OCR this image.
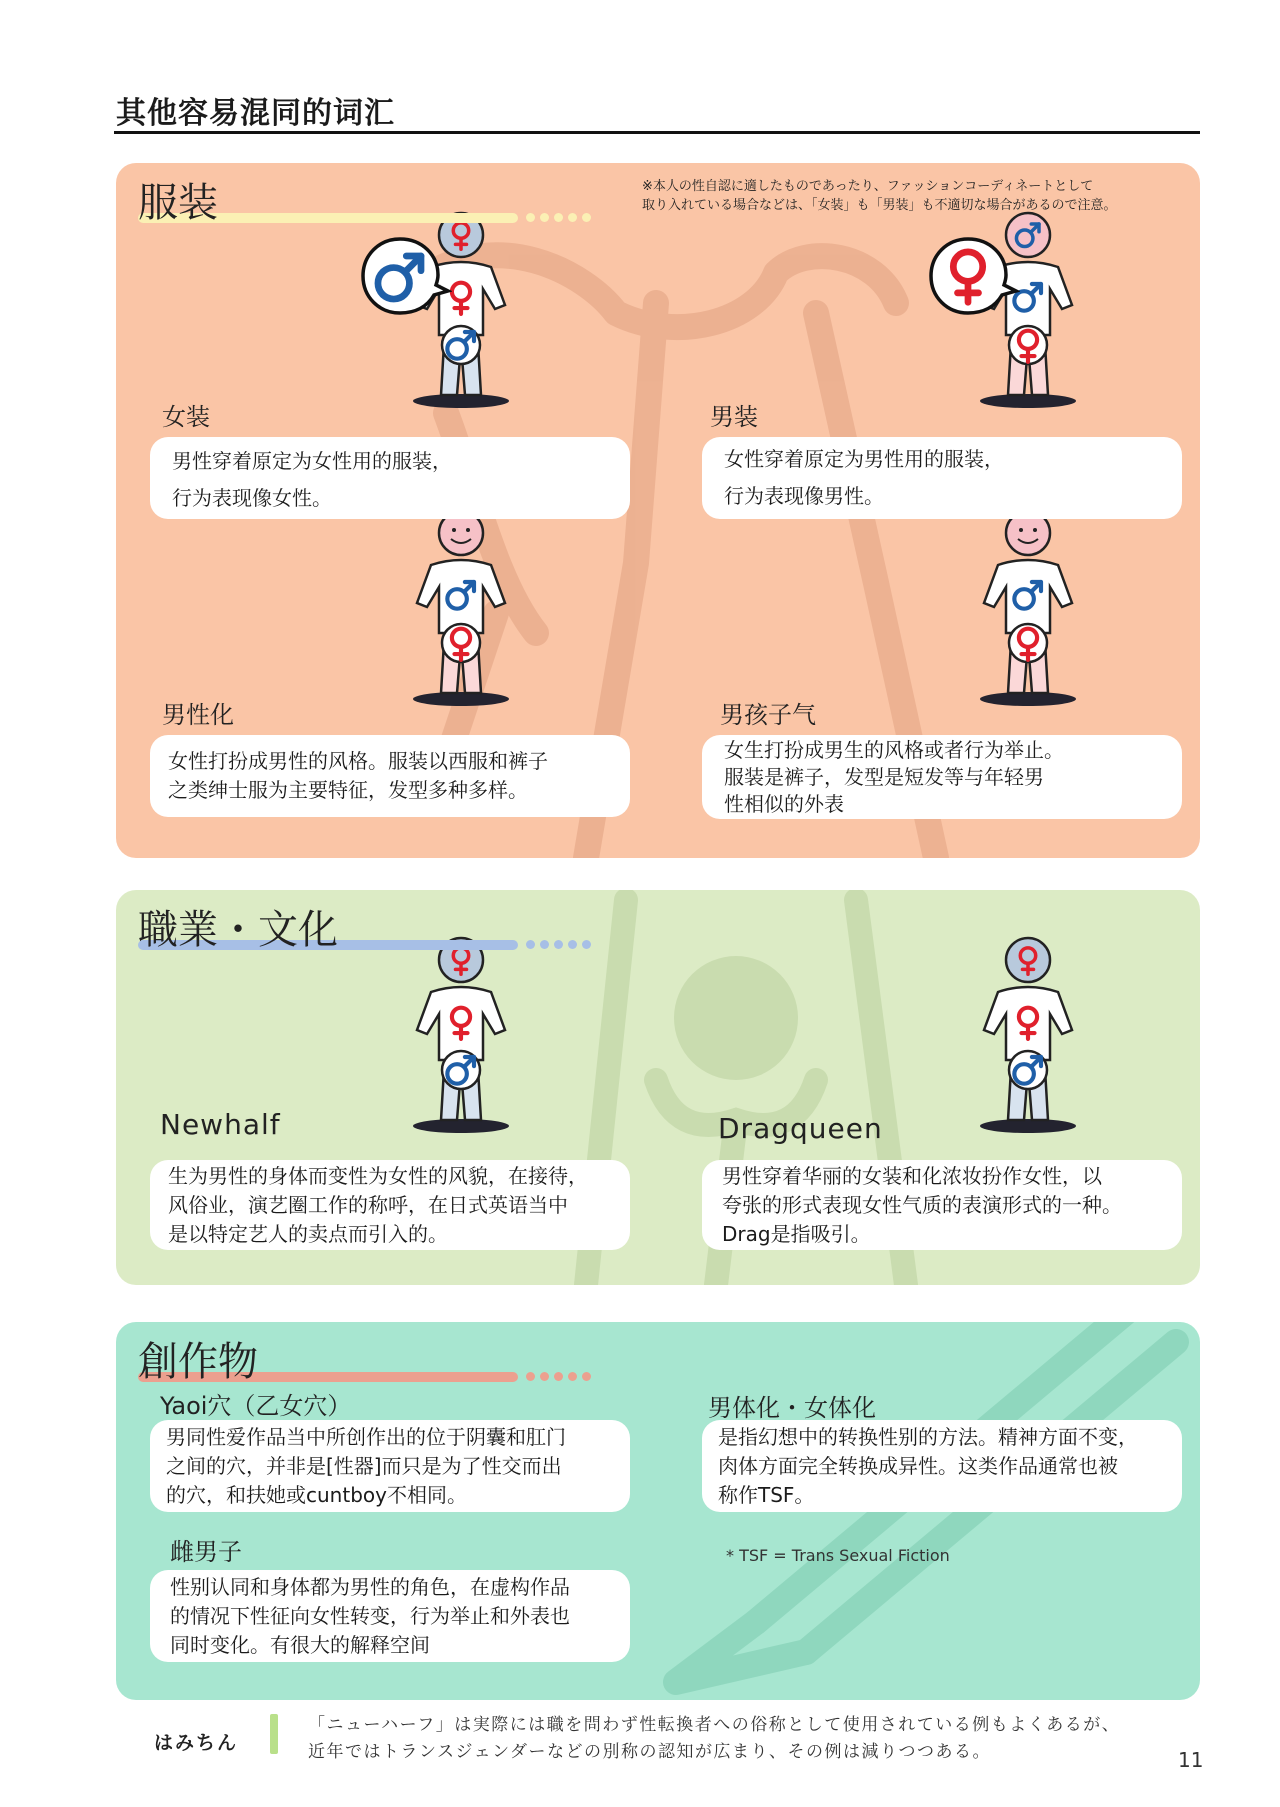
其他容易混同的词汇
服装	※本人の性自認に適したものであったり、ファッションコーディネートとして
取り入れている場合などは、「女装」も「男装」も不適切な場合があるので注意。
女装

男性穿着原定为女性用的服装，

行为表现像女性。

男装

女性穿着原定为男性用的服装，

行为表现像男性。

男性化

女性打扮成男性的风格。服装以西服和裤子

之类绅士服为主要特征，发型多种多样。

男孩子气

女生打扮成男生的风格或者行为举止。

服装是裤子，发型是短发等与年轻男

性相似的外表

職業・文化
Newhalf

生为男性的身体而变性为女性的风貌，在接待，

风俗业，演艺圈工作的称呼，在日式英语当中

是以特定艺人的卖点而引入的。

Dragqueen

男性穿着华丽的女装和化浓妆扮作女性，以

夸张的形式表现女性气质的表演形式的一种。

Drag是指吸引。

創作物
Yaoi穴（乙女穴）

男同性爱作品当中所创作出的位于阴囊和肛门

之间的穴，并非是[性器]而只是为了性交而出

的穴，和扶她或cuntboy不相同。

男体化・女体化

是指幻想中的转换性别的方法。精神方面不变，

肉体方面完全转换成异性。这类作品通常也被

称作TSF。

* TSF = Trans Sexual Fiction
雌男子

性别认同和身体都为男性的角色，在虚构作品

的情况下性征向女性转变，行为举止和外表也

同时变化。有很大的解释空间

はみちん
「ニューハーフ」は実際には職を問わず性転換者への俗称として使用されている例もよくあるが、
近年ではトランスジェンダーなどの別称の認知が広まり、その例は減りつつある。	11
